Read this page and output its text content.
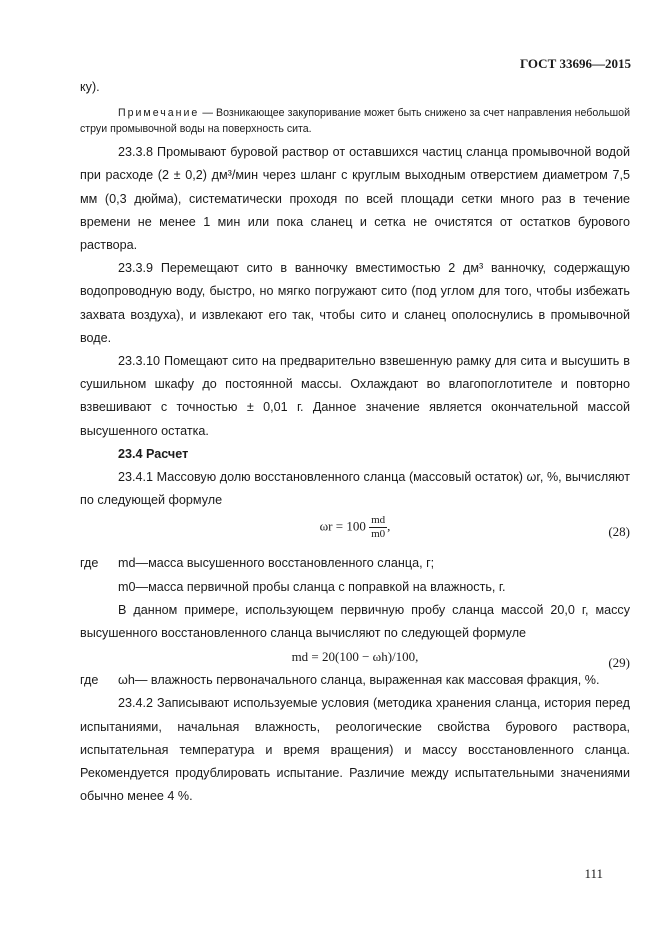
ГОСТ 33696—2015

ку).

Примечание — Возникающее закупоривание может быть снижено за счет направления небольшой струи промывочной воды на поверхность сита.

23.3.8 Промывают буровой раствор от оставшихся частиц сланца промывочной водой при расходе (2 ± 0,2) дм³/мин через шланг с круглым выходным отверстием диаметром 7,5 мм (0,3 дюйма), систематически проходя по всей площади сетки много раз в течение времени не менее 1 мин или пока сланец и сетка не очистятся от остатков бурового раствора.

23.3.9 Перемещают сито в ванночку вместимостью 2 дм³ ванночку, содержащую водопроводную воду, быстро, но мягко погружают сито (под углом для того, чтобы избежать захвата воздуха), и извлекают его так, чтобы сито и сланец ополоснулись в промывочной воде.

23.3.10 Помещают сито на предварительно взвешенную рамку для сита и высушить в сушильном шкафу до постоянной массы. Охлаждают во влагопоглотителе и повторно взвешивают с точностью ± 0,01 г. Данное значение является окончательной массой высушенного остатка.

23.4 Расчет

23.4.1 Массовую долю восстановленного сланца (массовый остаток) ωr, %, вычисляют по следующей формуле

$\omega r = 100 \frac{md}{m0}$ ,	(28)
где	md—масса высушенного восстановленного сланца, г;

m0—масса первичной пробы сланца с поправкой на влажность, г.

В данном примере, использующем первичную пробу сланца массой 20,0 г, массу высушенного восстановленного сланца вычисляют по следующей формуле

md = 20(100 − ωh)/100,	(29)
где	ωh— влажность первоначального сланца, выраженная как массовая фракция, %.

23.4.2 Записывают используемые условия (методика хранения сланца, история перед испытаниями, начальная влажность, реологические свойства бурового раствора, испытательная температура и время вращения) и массу восстановленного сланца. Рекомендуется продублировать испытание. Различие между испытательными значениями обычно менее 4 %.

111
